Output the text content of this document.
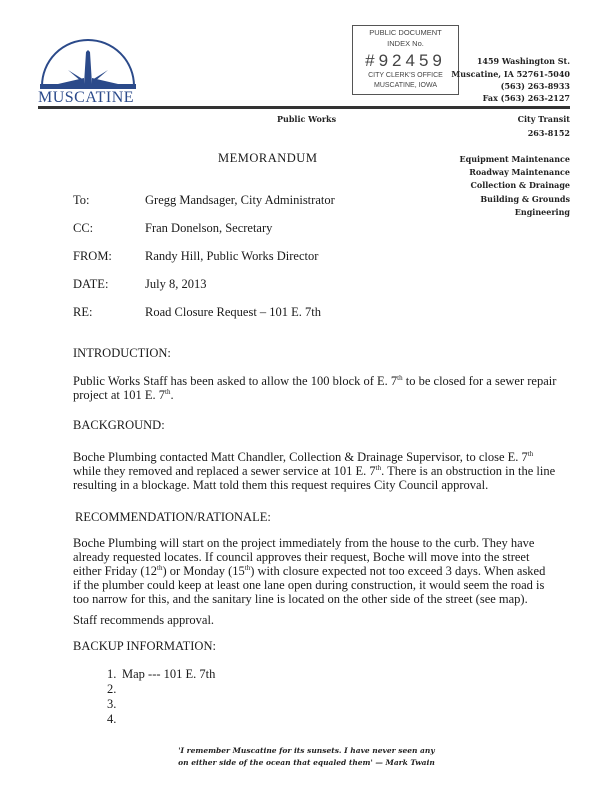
MUSCATINE
PUBLIC DOCUMENT
INDEX No.
#92459
CITY CLERK'S OFFICE
MUSCATINE, IOWA
1459 Washington St.
Muscatine, IA 52761-5040
(563) 263-8933
Fax (563) 263-2127
Public Works	City Transit
263-8152
Equipment Maintenance
Roadway Maintenance
Collection & Drainage
Building & Grounds
Engineering
MEMORANDUM
To:	Gregg Mandsager, City Administrator
CC:	Fran Donelson, Secretary
FROM:	Randy Hill, Public Works Director
DATE:	July 8, 2013
RE:	Road Closure Request – 101 E. 7th
INTRODUCTION:
Public Works Staff has been asked to allow the 100 block of E. 7th to be closed for a sewer repair
project at 101 E. 7th.
BACKGROUND:
Boche Plumbing contacted Matt Chandler, Collection & Drainage Supervisor, to close E. 7th
while they removed and replaced a sewer service at 101 E. 7th. There is an obstruction in the line
resulting in a blockage. Matt told them this request requires City Council approval.
RECOMMENDATION/RATIONALE:
Boche Plumbing will start on the project immediately from the house to the curb. They have
already requested locates. If council approves their request, Boche will move into the street
either Friday (12th) or Monday (15th) with closure expected not too exceed 3 days. When asked
if the plumber could keep at least one lane open during construction, it would seem the road is
too narrow for this, and the sanitary line is located on the other side of the street (see map).
Staff recommends approval.
BACKUP INFORMATION:
1. Map --- 101 E. 7th
2.
3.
4.
'I remember Muscatine for its sunsets. I have never seen any
on either side of the ocean that equaled them' — Mark Twain
